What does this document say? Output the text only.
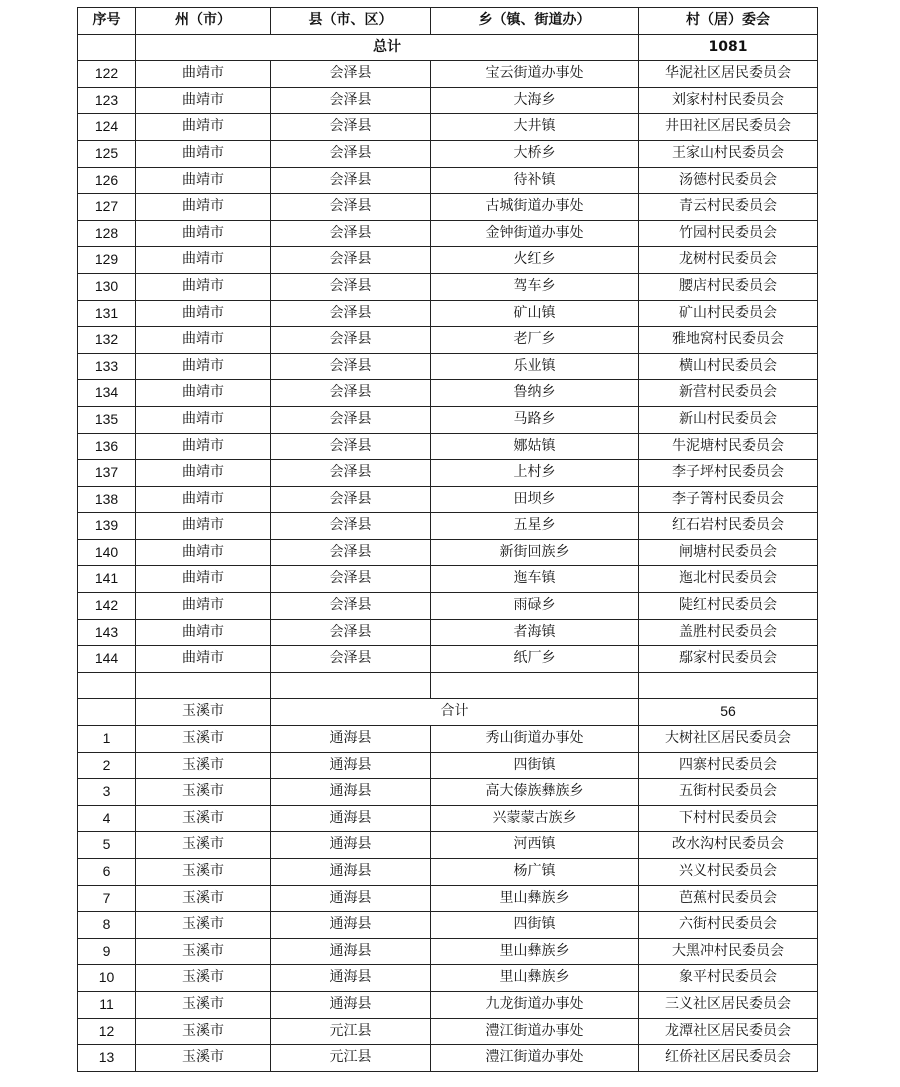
序号	州（市）	县（市、区）	乡（镇、街道办）	村（居）委会
	总计			1081
122	曲靖市	会泽县	宝云街道办事处	华泥社区居民委员会
123	曲靖市	会泽县	大海乡	刘家村村民委员会
124	曲靖市	会泽县	大井镇	井田社区居民委员会
125	曲靖市	会泽县	大桥乡	王家山村民委员会
126	曲靖市	会泽县	待补镇	汤德村民委员会
127	曲靖市	会泽县	古城街道办事处	青云村民委员会
128	曲靖市	会泽县	金钟街道办事处	竹园村民委员会
129	曲靖市	会泽县	火红乡	龙树村民委员会
130	曲靖市	会泽县	驾车乡	腰店村民委员会
131	曲靖市	会泽县	矿山镇	矿山村民委员会
132	曲靖市	会泽县	老厂乡	雅地窝村民委员会
133	曲靖市	会泽县	乐业镇	横山村民委员会
134	曲靖市	会泽县	鲁纳乡	新营村民委员会
135	曲靖市	会泽县	马路乡	新山村民委员会
136	曲靖市	会泽县	娜姑镇	牛泥塘村民委员会
137	曲靖市	会泽县	上村乡	李子坪村民委员会
138	曲靖市	会泽县	田坝乡	李子箐村民委员会
139	曲靖市	会泽县	五星乡	红石岩村民委员会
140	曲靖市	会泽县	新街回族乡	闸塘村民委员会
141	曲靖市	会泽县	迤车镇	迤北村民委员会
142	曲靖市	会泽县	雨碌乡	陡红村民委员会
143	曲靖市	会泽县	者海镇	盖胜村民委员会
144	曲靖市	会泽县	纸厂乡	鄢家村民委员会

	玉溪市	合计		56
1	玉溪市	通海县	秀山街道办事处	大树社区居民委员会
2	玉溪市	通海县	四街镇	四寨村民委员会
3	玉溪市	通海县	高大傣族彝族乡	五街村民委员会
4	玉溪市	通海县	兴蒙蒙古族乡	下村村民委员会
5	玉溪市	通海县	河西镇	改水沟村民委员会
6	玉溪市	通海县	杨广镇	兴义村民委员会
7	玉溪市	通海县	里山彝族乡	芭蕉村民委员会
8	玉溪市	通海县	四街镇	六街村民委员会
9	玉溪市	通海县	里山彝族乡	大黑冲村民委员会
10	玉溪市	通海县	里山彝族乡	象平村民委员会
11	玉溪市	通海县	九龙街道办事处	三义社区居民委员会
12	玉溪市	元江县	澧江街道办事处	龙潭社区居民委员会
13	玉溪市	元江县	澧江街道办事处	红侨社区居民委员会
